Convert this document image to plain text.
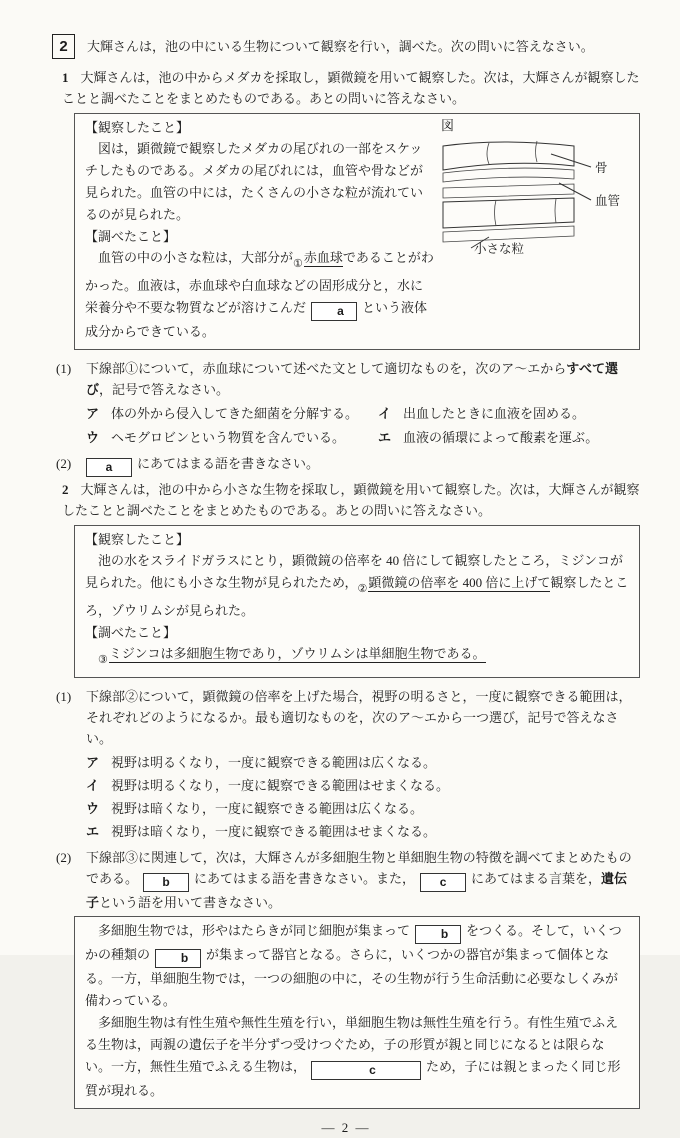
2	大輝さんは，池の中にいる生物について観察を行い，調べた。次の問いに答えなさい。
1 大輝さんは，池の中からメダカを採取し，顕微鏡を用いて観察した。次は，大輝さんが観察したことと調べたことをまとめたものである。あとの問いに答えなさい。
【観察したこと】

図は，顕微鏡で観察したメダカの尾びれの一部をスケッチしたものである。メダカの尾びれには，血管や骨などが見られた。血管の中には，たくさんの小さな粒が流れているのが見られた。

【調べたこと】

血管の中の小さな粒は，大部分が$_①$赤血球であることがわかった。血液は，赤血球や白血球などの固形成分と，水に栄養分や不要な物質などが溶けこんだ	a という液体成分からできている。

図
骨
血管
小さな粒
(1) 下線部①について，赤血球について述べた文として適切なものを，次のア～エからすべて選び，記号で答えなさい。
ア 体の外から侵入してきた細菌を分解する。	イ 出血したときに血液を固める。
ウ ヘモグロビンという物質を含んでいる。	エ 血液の循環によって酸素を運ぶ。
(2)	a にあてはまる語を書きなさい。
2 大輝さんは，池の中から小さな生物を採取し，顕微鏡を用いて観察した。次は，大輝さんが観察したことと調べたことをまとめたものである。あとの問いに答えなさい。
【観察したこと】

池の水をスライドガラスにとり，顕微鏡の倍率を 40 倍にして観察したところ，ミジンコが見られた。他にも小さな生物が見られたため，$_②$顕微鏡の倍率を 400 倍に上げて観察したところ，ゾウリムシが見られた。

【調べたこと】

$_③$ミジンコは多細胞生物であり，ゾウリムシは単細胞生物である。

(1) 下線部②について，顕微鏡の倍率を上げた場合，視野の明るさと，一度に観察できる範囲は，それぞれどのようになるか。最も適切なものを，次のア～エから一つ選び，記号で答えなさい。
ア 視野は明るくなり，一度に観察できる範囲は広くなる。
イ 視野は明るくなり，一度に観察できる範囲はせまくなる。
ウ 視野は暗くなり，一度に観察できる範囲は広くなる。
エ 視野は暗くなり，一度に観察できる範囲はせまくなる。
(2) 下線部③に関連して，次は，大輝さんが多細胞生物と単細胞生物の特徴を調べてまとめたものである。 b にあてはまる語を書きなさい。また， c にあてはまる言葉を，遺伝子という語を用いて書きなさい。

多細胞生物では，形やはたらきが同じ細胞が集まって	b をつくる。そして，いくつかの種類の	b が集まって器官となる。さらに，いくつかの器官が集まって個体となる。一方，単細胞生物では，一つの細胞の中に，その生物が行う生命活動に必要なしくみが備わっている。

多細胞生物は有性生殖や無性生殖を行い，単細胞生物は無性生殖を行う。有性生殖でふえる生物は，両親の遺伝子を半分ずつ受けつぐため，子の形質が親と同じになるとは限らない。一方，無性生殖でふえる生物は，	c	ため，子には親とまったく同じ形質が現れる。

— 2 —
